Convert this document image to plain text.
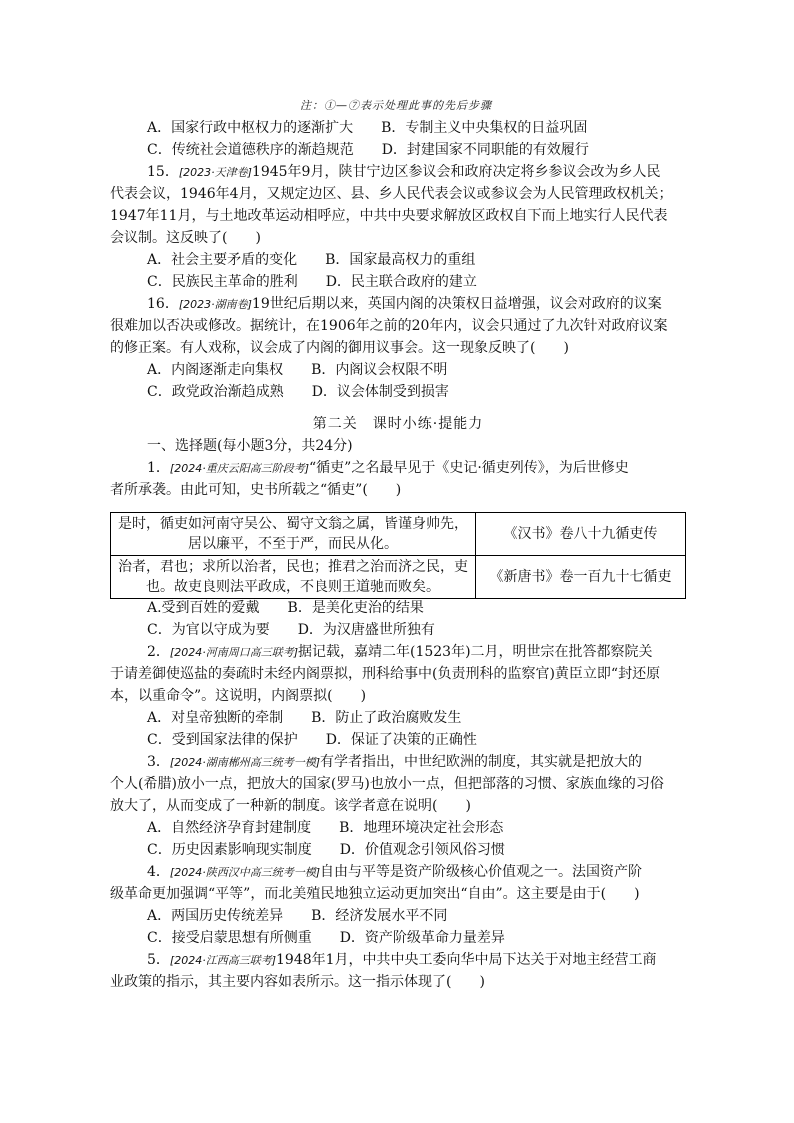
注：①—⑦表示处理此事的先后步骤
A．国家行政中枢权力的逐渐扩大　　B．专制主义中央集权的日益巩固
C．传统社会道德秩序的渐趋规范　　D．封建国家不同职能的有效履行
15．[2023·天津卷]1945年9月，陕甘宁边区参议会和政府决定将乡参议会改为乡人民
代表会议，1946年4月，又规定边区、县、乡人民代表会议或参议会为人民管理政权机关；
1947年11月，与土地改革运动相呼应，中共中央要求解放区政权自下而上地实行人民代表
会议制。这反映了(　　)
A．社会主要矛盾的变化　　B．国家最高权力的重组
C．民族民主革命的胜利　　D．民主联合政府的建立
16．[2023·湖南卷]19世纪后期以来，英国内阁的决策权日益增强，议会对政府的议案
很难加以否决或修改。据统计，在1906年之前的20年内，议会只通过了九次针对政府议案
的修正案。有人戏称，议会成了内阁的御用议事会。这一现象反映了(　　)
A．内阁逐渐走向集权　　B．内阁议会权限不明
C．政党政治渐趋成熟　　D．议会体制受到损害
第二关　课时小练·提能力
一、选择题(每小题3分，共24分)
1．[2024·重庆云阳高三阶段考]“循吏”之名最早见于《史记·循吏列传》，为后世修史
者所承袭。由此可知，史书所载之“循吏”(　　)
是时，循吏如河南守吴公、蜀守文翁之属，皆谨身帅先，
居以廉平，不至于严，而民从化。	《汉书》卷八十九循吏传

治者，君也；求所以治者，民也；推君之治而济之民，吏
也。故吏良则法平政成，不良则王道驰而败矣。	《新唐书》卷一百九十七循吏
A.受到百姓的爱戴　　B．是美化吏治的结果
C．为官以守成为要　　D．为汉唐盛世所独有
2．[2024·河南周口高三联考]据记载，嘉靖二年(1523年)二月，明世宗在批答都察院关
于请差御使巡盐的奏疏时未经内阁票拟，刑科给事中(负责刑科的监察官)黄臣立即“封还原
本，以重命令”。这说明，内阁票拟(　　)
A．对皇帝独断的牵制　　B．防止了政治腐败发生
C．受到国家法律的保护　　D．保证了决策的正确性
3．[2024·湖南郴州高三统考一模]有学者指出，中世纪欧洲的制度，其实就是把放大的
个人(希腊)放小一点，把放大的国家(罗马)也放小一点，但把部落的习惯、家族血缘的习俗
放大了，从而变成了一种新的制度。该学者意在说明(　　)
A．自然经济孕育封建制度　　B．地理环境决定社会形态
C．历史因素影响现实制度　　D．价值观念引领风俗习惯
4．[2024·陕西汉中高三统考一模]自由与平等是资产阶级核心价值观之一。法国资产阶
级革命更加强调“平等”，而北美殖民地独立运动更加突出“自由”。这主要是由于(　　)
A．两国历史传统差异　　B．经济发展水平不同
C．接受启蒙思想有所侧重　　D．资产阶级革命力量差异
5．[2024·江西高三联考]1948年1月，中共中央工委向华中局下达关于对地主经营工商
业政策的指示，其主要内容如表所示。这一指示体现了(　　)
